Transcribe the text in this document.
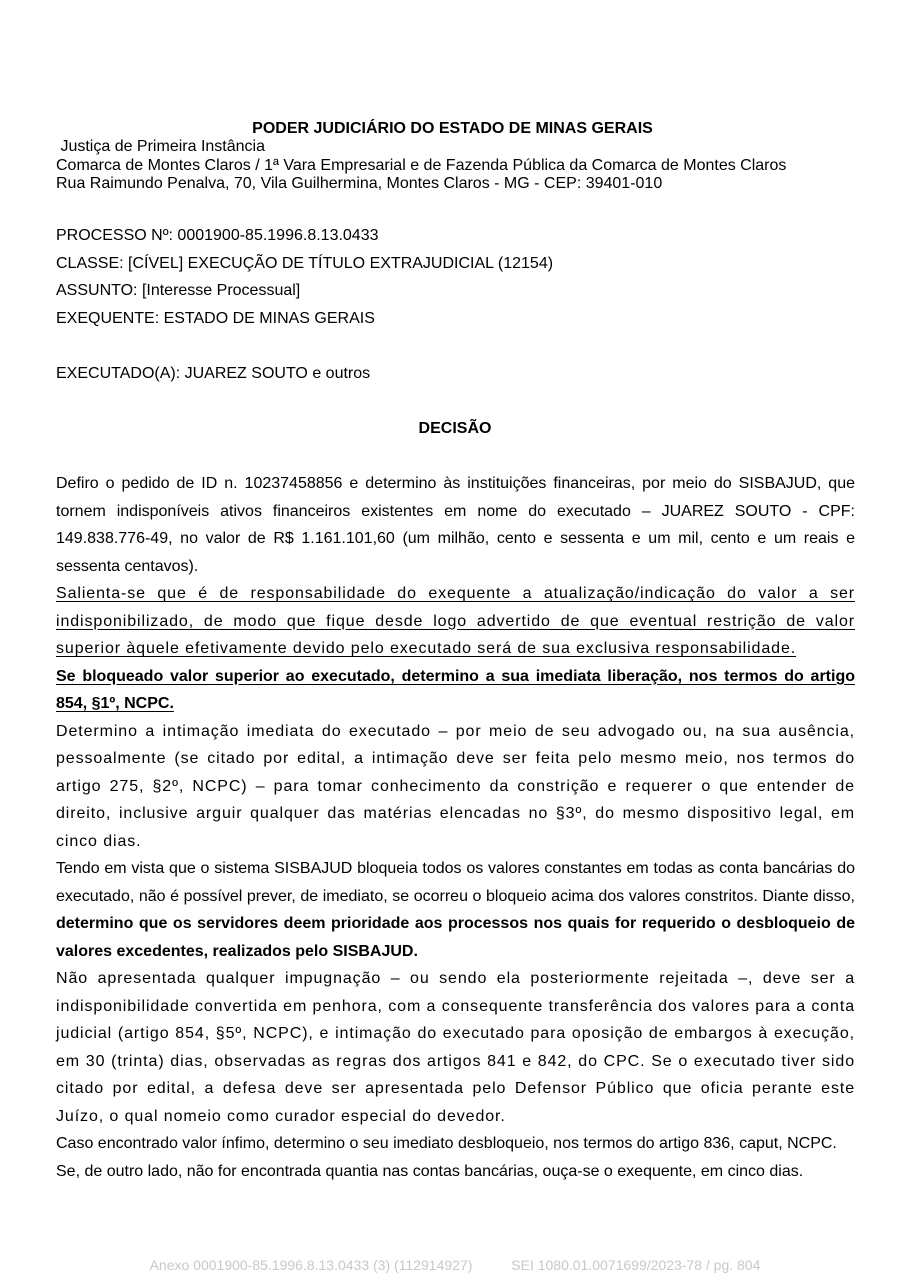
PODER JUDICIÁRIO DO ESTADO DE MINAS GERAIS
Justiça de Primeira Instância
Comarca de Montes Claros / 1ª Vara Empresarial e de Fazenda Pública da Comarca de Montes Claros
Rua Raimundo Penalva, 70, Vila Guilhermina, Montes Claros - MG - CEP: 39401-010
PROCESSO Nº: 0001900-85.1996.8.13.0433
CLASSE: [CÍVEL] EXECUÇÃO DE TÍTULO EXTRAJUDICIAL (12154)
ASSUNTO: [Interesse Processual]
EXEQUENTE: ESTADO DE MINAS GERAIS
EXECUTADO(A): JUAREZ SOUTO e outros
DECISÃO

Defiro o pedido de ID n. 10237458856 e determino às instituições financeiras, por meio do SISBAJUD, que tornem indisponíveis ativos financeiros existentes em nome do executado – JUAREZ SOUTO - CPF: 149.838.776-49, no valor de R$ 1.161.101,60 (um milhão, cento e sessenta e um mil, cento e um reais e sessenta centavos).

Salienta-se que é de responsabilidade do exequente a atualização/indicação do valor a ser indisponibilizado, de modo que fique desde logo advertido de que eventual restrição de valor superior àquele efetivamente devido pelo executado será de sua exclusiva responsabilidade.

Se bloqueado valor superior ao executado, determino a sua imediata liberação, nos termos do artigo 854, §1º, NCPC.

Determino a intimação imediata do executado – por meio de seu advogado ou, na sua ausência, pessoalmente (se citado por edital, a intimação deve ser feita pelo mesmo meio, nos termos do artigo 275, §2º, NCPC) – para tomar conhecimento da constrição e requerer o que entender de direito, inclusive arguir qualquer das matérias elencadas no §3º, do mesmo dispositivo legal, em cinco dias.

Tendo em vista que o sistema SISBAJUD bloqueia todos os valores constantes em todas as conta bancárias do executado, não é possível prever, de imediato, se ocorreu o bloqueio acima dos valores constritos. Diante disso, determino que os servidores deem prioridade aos processos nos quais for requerido o desbloqueio de valores excedentes, realizados pelo SISBAJUD.

Não apresentada qualquer impugnação – ou sendo ela posteriormente rejeitada –, deve ser a indisponibilidade convertida em penhora, com a consequente transferência dos valores para a conta judicial (artigo 854, §5º, NCPC), e intimação do executado para oposição de embargos à execução, em 30 (trinta) dias, observadas as regras dos artigos 841 e 842, do CPC. Se o executado tiver sido citado por edital, a defesa deve ser apresentada pelo Defensor Público que oficia perante este Juízo, o qual nomeio como curador especial do devedor.

Caso encontrado valor ínfimo, determino o seu imediato desbloqueio, nos termos do artigo 836, caput, NCPC.

Se, de outro lado, não for encontrada quantia nas contas bancárias, ouça-se o exequente, em cinco dias.

Anexo 0001900-85.1996.8.13.0433 (3) (112914927)	SEI 1080.01.0071699/2023-78 / pg. 804
